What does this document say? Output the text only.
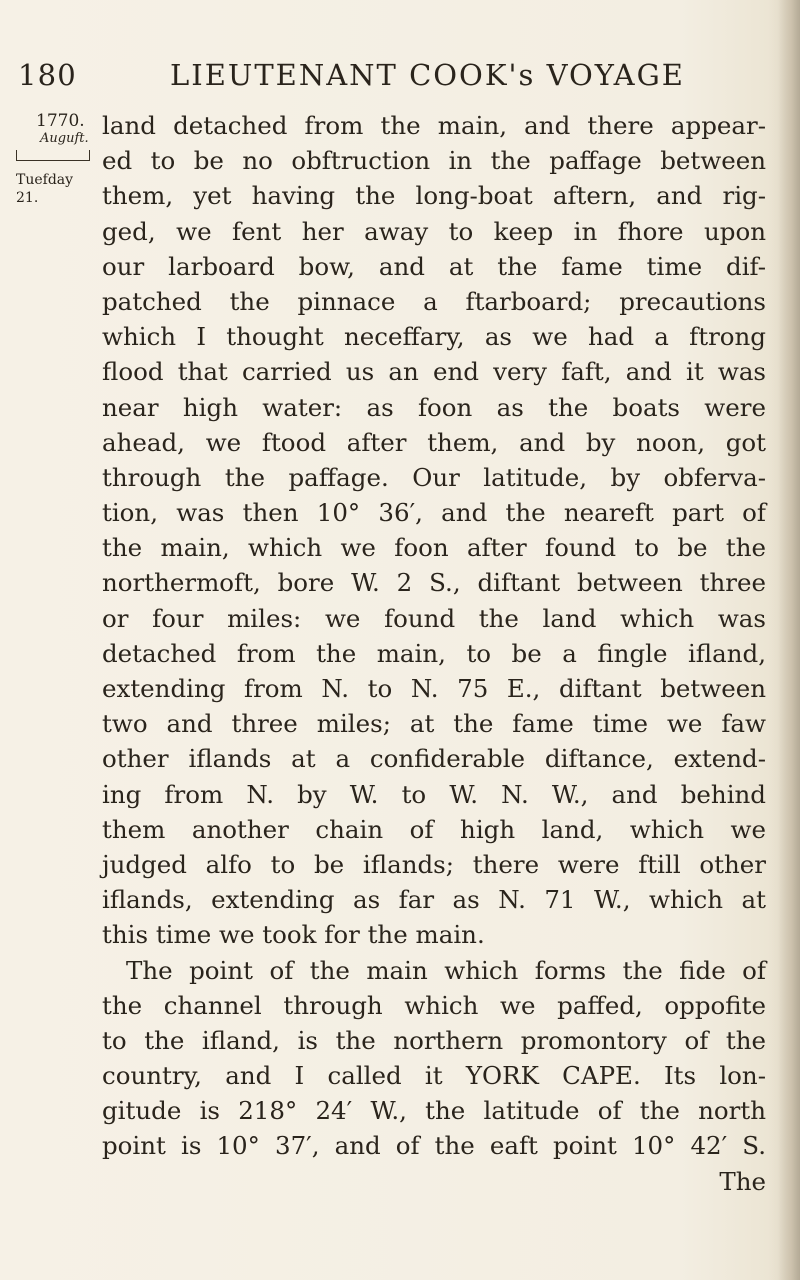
180	LIEUTENANT COOK's VOYAGE
1770.
Auguft.
Tuefday 21.
land detached from the main, and there appear-
ed to be no obftruction in the paffage between
them, yet having the long-boat aftern, and rig-
ged, we fent her away to keep in fhore upon
our larboard bow, and at the fame time dif-
patched the pinnace a ftarboard; precautions
which I thought neceffary, as we had a ftrong
flood that carried us an end very faft, and it was
near high water: as foon as the boats were
ahead, we ftood after them, and by noon, got
through the paffage. Our latitude, by obferva-
tion, was then 10° 36′, and the neareft part of
the main, which we foon after found to be the
northermoft, bore W. 2 S., diftant between three
or four miles: we found the land which was
detached from the main, to be a fingle ifland,
extending from N. to N. 75 E., diftant between
two and three miles; at the fame time we faw
other iflands at a confiderable diftance, extend-
ing from N. by W. to W. N. W., and behind
them another chain of high land, which we
judged alfo to be iflands; there were ftill other
iflands, extending as far as N. 71 W., which at
this time we took for the main.
The point of the main which forms the fide of
the channel through which we paffed, oppofite
to the ifland, is the northern promontory of the
country, and I called it YORK CAPE. Its lon-
gitude is 218° 24′ W., the latitude of the north
point is 10° 37′, and of the eaft point 10° 42′ S.
The
